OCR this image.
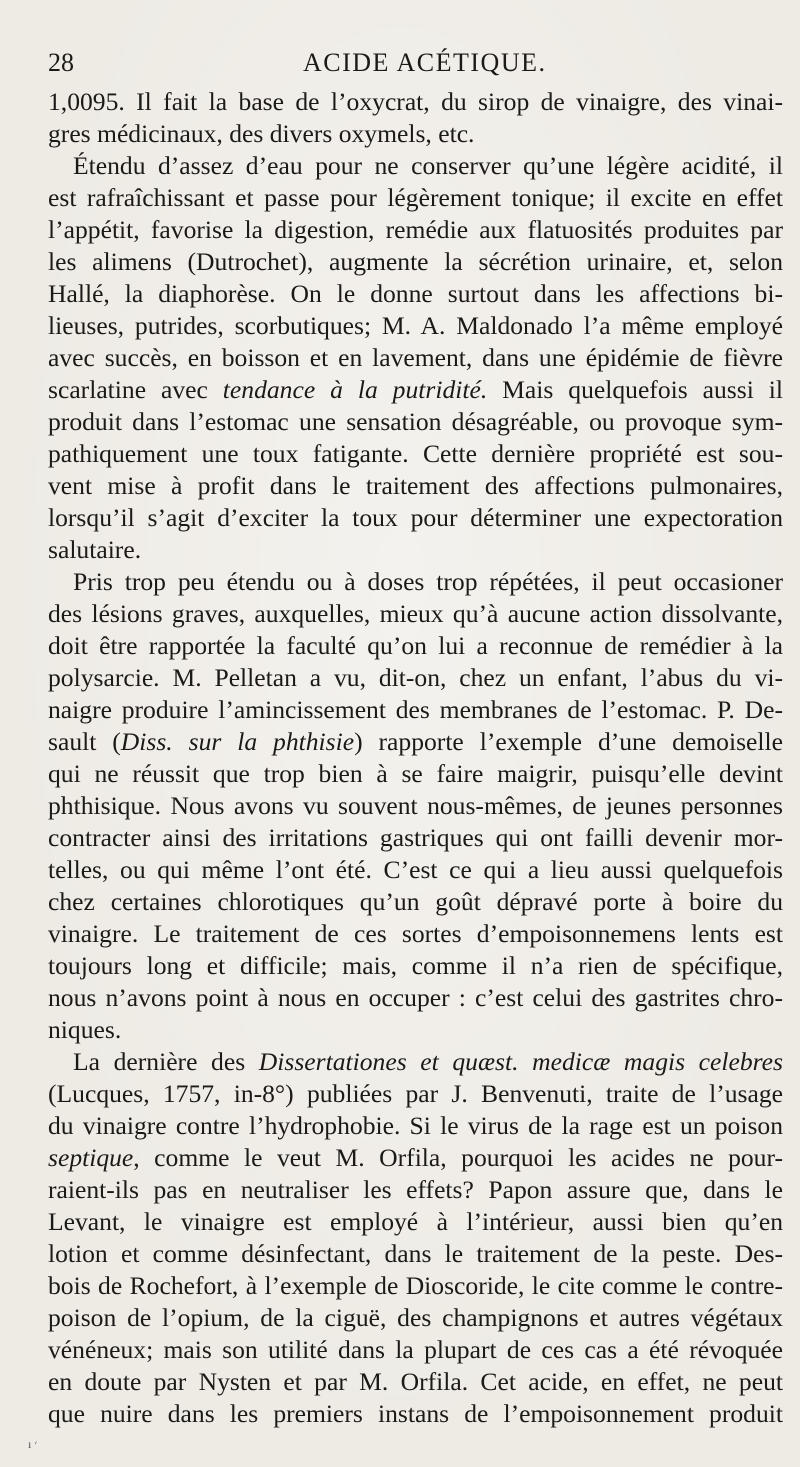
28	ACIDE ACÉTIQUE.
1,0095. Il fait la base de l’oxycrat, du sirop de vinaigre, des vinai-
gres médicinaux, des divers oxymels, etc.
Étendu d’assez d’eau pour ne conserver qu’une légère acidité, il
est rafraîchissant et passe pour légèrement tonique; il excite en effet
l’appétit, favorise la digestion, remédie aux flatuosités produites par
les alimens (Dutrochet), augmente la sécrétion urinaire, et, selon
Hallé, la diaphorèse. On le donne surtout dans les affections bi-
lieuses, putrides, scorbutiques; M. A. Maldonado l’a même employé
avec succès, en boisson et en lavement, dans une épidémie de fièvre
scarlatine avec tendance à la putridité. Mais quelquefois aussi il
produit dans l’estomac une sensation désagréable, ou provoque sym-
pathiquement une toux fatigante. Cette dernière propriété est sou-
vent mise à profit dans le traitement des affections pulmonaires,
lorsqu’il s’agit d’exciter la toux pour déterminer une expectoration
salutaire.
Pris trop peu étendu ou à doses trop répétées, il peut occasioner
des lésions graves, auxquelles, mieux qu’à aucune action dissolvante,
doit être rapportée la faculté qu’on lui a reconnue de remédier à la
polysarcie. M. Pelletan a vu, dit-on, chez un enfant, l’abus du vi-
naigre produire l’amincissement des membranes de l’estomac. P. De-
sault (Diss. sur la phthisie) rapporte l’exemple d’une demoiselle
qui ne réussit que trop bien à se faire maigrir, puisqu’elle devint
phthisique. Nous avons vu souvent nous-mêmes, de jeunes personnes
contracter ainsi des irritations gastriques qui ont failli devenir mor-
telles, ou qui même l’ont été. C’est ce qui a lieu aussi quelquefois
chez certaines chlorotiques qu’un goût dépravé porte à boire du
vinaigre. Le traitement de ces sortes d’empoisonnemens lents est
toujours long et difficile; mais, comme il n’a rien de spécifique,
nous n’avons point à nous en occuper : c’est celui des gastrites chro-
niques.
La dernière des Dissertationes et quæst. medicæ magis celebres
(Lucques, 1757, in-8°) publiées par J. Benvenuti, traite de l’usage
du vinaigre contre l’hydrophobie. Si le virus de la rage est un poison
septique, comme le veut M. Orfila, pourquoi les acides ne pour-
raient-ils pas en neutraliser les effets? Papon assure que, dans le
Levant, le vinaigre est employé à l’intérieur, aussi bien qu’en
lotion et comme désinfectant, dans le traitement de la peste. Des-
bois de Rochefort, à l’exemple de Dioscoride, le cite comme le contre-
poison de l’opium, de la ciguë, des champignons et autres végétaux
vénéneux; mais son utilité dans la plupart de ces cas a été révoquée
en doute par Nysten et par M. Orfila. Cet acide, en effet, ne peut
que nuire dans les premiers instans de l’empoisonnement produit
ı ׳
